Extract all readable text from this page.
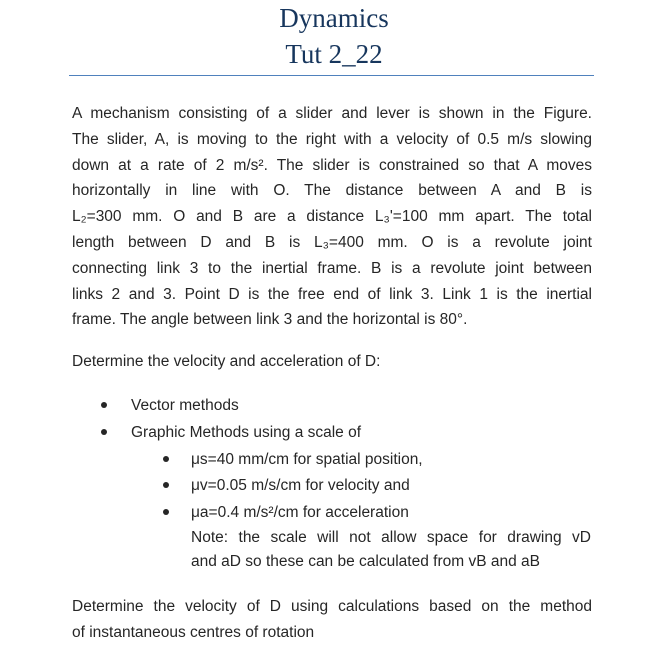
Dynamics
Tut 2_22
A mechanism consisting of a slider and lever is shown in the Figure.
The slider, A, is moving to the right with a velocity of 0.5 m/s slowing
down at a rate of 2 m/s². The slider is constrained so that A moves
horizontally in line with O. The distance between A and B is
L₂=300 mm. O and B are a distance L₃'=100 mm apart. The total
length between D and B is L₃=400 mm. O is a revolute joint
connecting link 3 to the inertial frame. B is a revolute joint between
links 2 and 3. Point D is the free end of link 3. Link 1 is the inertial
frame. The angle between link 3 and the horizontal is 80°.
Determine the velocity and acceleration of D:
Vector methods
Graphic Methods using a scale of
μs=40 mm/cm for spatial position,
μv=0.05 m/s/cm for velocity and
μa=0.4 m/s²/cm for acceleration
Note: the scale will not allow space for drawing vD
and aD so these can be calculated from vB and aB
Determine the velocity of D using calculations based on the method
of instantaneous centres of rotation
